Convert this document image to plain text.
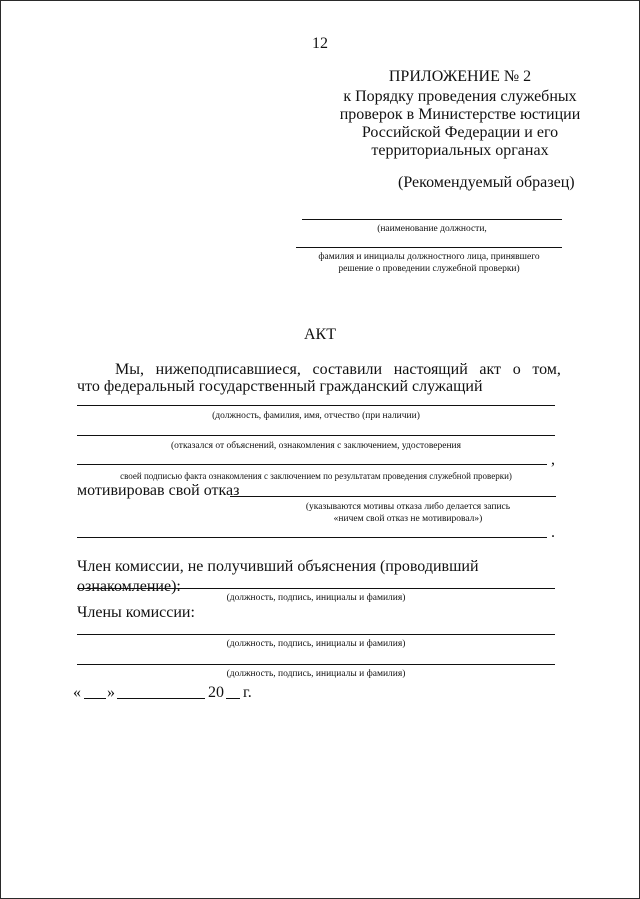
12
ПРИЛОЖЕНИЕ № 2
к Порядку проведения служебных
проверок в Министерстве юстиции
Российской Федерации и его
территориальных органах
(Рекомендуемый образец)
(наименование должности,
фамилия и инициалы должностного лица, принявшего
решение о проведении служебной проверки)
АКТ
Мы, нижеподписавшиеся, составили настоящий акт о том,
что федеральный государственный гражданский служащий
(должность, фамилия, имя, отчество (при наличии)
(отказался от объяснений, ознакомления с заключением, удостоверения
,
своей подписью факта ознакомления с заключением по результатам проведения служебной проверки)
мотивировав свой отказ
(указываются мотивы отказа либо делается запись
«ничем свой отказ не мотивировал»)
.
Член комиссии, не получивший объяснения (проводивший ознакомление):
(должность, подпись, инициалы и фамилия)
Члены комиссии:
(должность, подпись, инициалы и фамилия)
(должность, подпись, инициалы и фамилия)
«	»	20	г.
